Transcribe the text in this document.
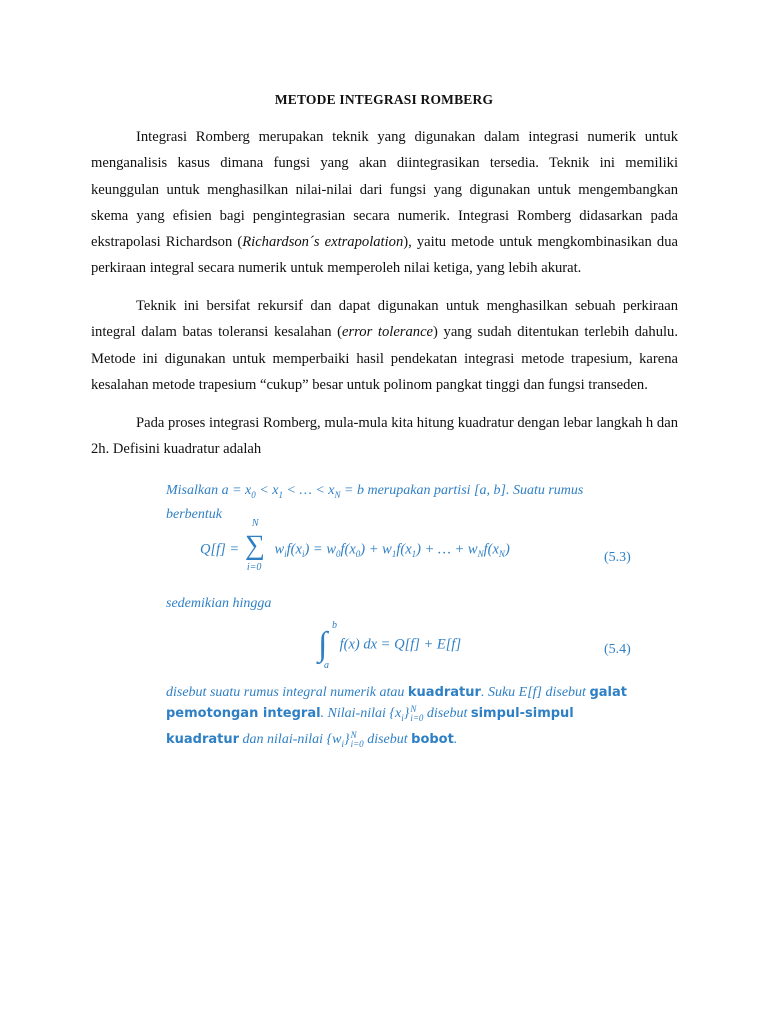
METODE INTEGRASI ROMBERG

Integrasi Romberg merupakan teknik yang digunakan dalam integrasi numerik untuk menganalisis kasus dimana fungsi yang akan diintegrasikan tersedia. Teknik ini memiliki keunggulan untuk menghasilkan nilai-nilai dari fungsi yang digunakan untuk mengembangkan skema yang efisien bagi pengintegrasian secara numerik. Integrasi Romberg didasarkan pada ekstrapolasi Richardson (Richardson´s extrapolation), yaitu metode untuk mengkombinasikan dua perkiraan integral secara numerik untuk memperoleh nilai ketiga, yang lebih akurat.

Teknik ini bersifat rekursif dan dapat digunakan untuk menghasilkan sebuah perkiraan integral dalam batas toleransi kesalahan (error tolerance) yang sudah ditentukan terlebih dahulu. Metode ini digunakan untuk memperbaiki hasil pendekatan integrasi metode trapesium, karena kesalahan metode trapesium “cukup” besar untuk polinom pangkat tinggi dan fungsi transeden.

Pada proses integrasi Romberg, mula-mula kita hitung kuadratur dengan lebar langkah h dan 2h. Defisini kuadratur adalah

Misalkan $a = x_0 < x_1$ < … < $x_N = b$ merupakan partisi [a, b]. Suatu rumus berbentuk
Q[f] =
N
∑
i=0
$w_if(x_i) = w_0f(x_0) + w_1f(x_1)$ + … + $w_Nf(x_N)$
(5.3)
sedemikian hingga
∫
b
a
f(x) dx = Q[f] + E[f]	(5.4)
disebut suatu rumus integral numerik atau kuadratur. Suku E[f] disebut galat pemotongan integral. Nilai-nilai $\{x_i\}N$
i=0 disebut simpul-simpul kuadratur dan nilai-nilai $\{w_i\}N$
i=0 disebut bobot.
